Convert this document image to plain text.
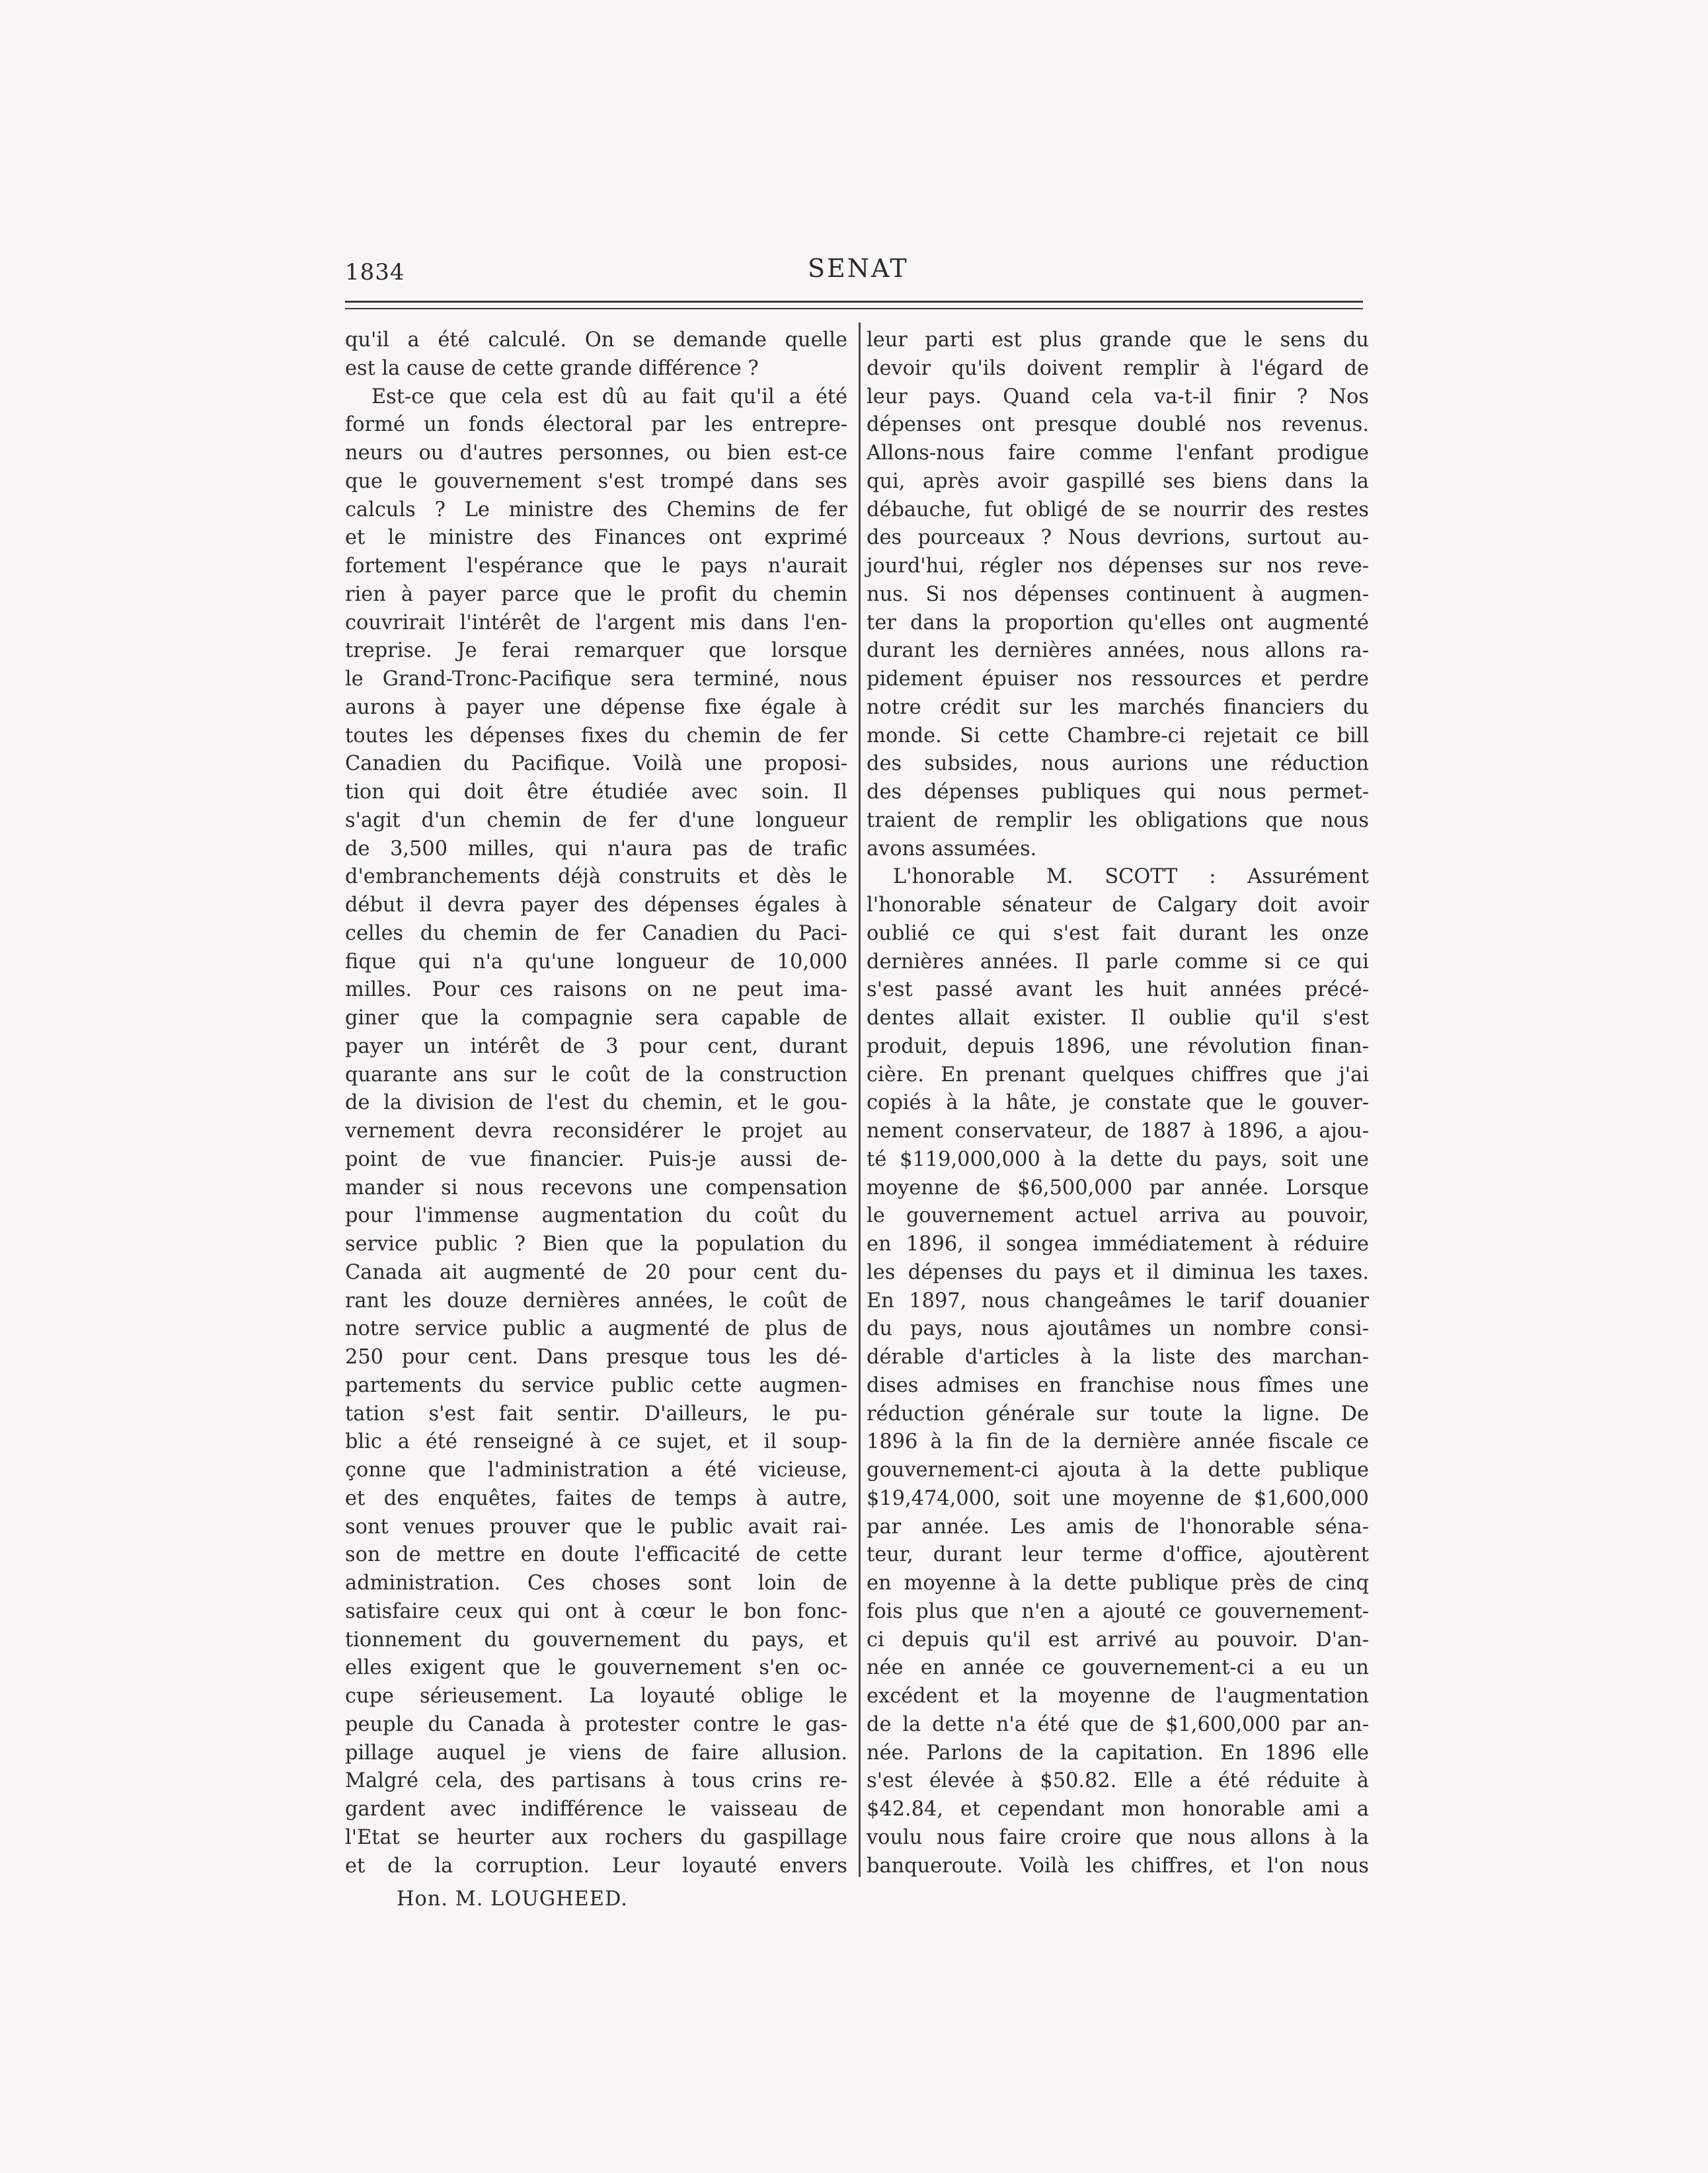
1834	SENAT
qu'il a été calculé. On se demande quelle
est la cause de cette grande différence ?
Est-ce que cela est dû au fait qu'il a été
formé un fonds électoral par les entrepre-
neurs ou d'autres personnes, ou bien est-ce
que le gouvernement s'est trompé dans ses
calculs ? Le ministre des Chemins de fer
et le ministre des Finances ont exprimé
fortement l'espérance que le pays n'aurait
rien à payer parce que le profit du chemin
couvrirait l'intérêt de l'argent mis dans l'en-
treprise. Je ferai remarquer que lorsque
le Grand-Tronc-Pacifique sera terminé, nous
aurons à payer une dépense fixe égale à
toutes les dépenses fixes du chemin de fer
Canadien du Pacifique. Voilà une proposi-
tion qui doit être étudiée avec soin. Il
s'agit d'un chemin de fer d'une longueur
de 3,500 milles, qui n'aura pas de trafic
d'embranchements déjà construits et dès le
début il devra payer des dépenses égales à
celles du chemin de fer Canadien du Paci-
fique qui n'a qu'une longueur de 10,000
milles. Pour ces raisons on ne peut ima-
giner que la compagnie sera capable de
payer un intérêt de 3 pour cent, durant
quarante ans sur le coût de la construction
de la division de l'est du chemin, et le gou-
vernement devra reconsidérer le projet au
point de vue financier. Puis-je aussi de-
mander si nous recevons une compensation
pour l'immense augmentation du coût du
service public ? Bien que la population du
Canada ait augmenté de 20 pour cent du-
rant les douze dernières années, le coût de
notre service public a augmenté de plus de
250 pour cent. Dans presque tous les dé-
partements du service public cette augmen-
tation s'est fait sentir. D'ailleurs, le pu-
blic a été renseigné à ce sujet, et il soup-
çonne que l'administration a été vicieuse,
et des enquêtes, faites de temps à autre,
sont venues prouver que le public avait rai-
son de mettre en doute l'efficacité de cette
administration. Ces choses sont loin de
satisfaire ceux qui ont à cœur le bon fonc-
tionnement du gouvernement du pays, et
elles exigent que le gouvernement s'en oc-
cupe sérieusement. La loyauté oblige le
peuple du Canada à protester contre le gas-
pillage auquel je viens de faire allusion.
Malgré cela, des partisans à tous crins re-
gardent avec indifférence le vaisseau de
l'Etat se heurter aux rochers du gaspillage
et de la corruption. Leur loyauté envers
leur parti est plus grande que le sens du
devoir qu'ils doivent remplir à l'égard de
leur pays. Quand cela va-t-il finir ? Nos
dépenses ont presque doublé nos revenus.
Allons-nous faire comme l'enfant prodigue
qui, après avoir gaspillé ses biens dans la
débauche, fut obligé de se nourrir des restes
des pourceaux ? Nous devrions, surtout au-
jourd'hui, régler nos dépenses sur nos reve-
nus. Si nos dépenses continuent à augmen-
ter dans la proportion qu'elles ont augmenté
durant les dernières années, nous allons ra-
pidement épuiser nos ressources et perdre
notre crédit sur les marchés financiers du
monde. Si cette Chambre-ci rejetait ce bill
des subsides, nous aurions une réduction
des dépenses publiques qui nous permet-
traient de remplir les obligations que nous
avons assumées.
L'honorable M. SCOTT : Assurément
l'honorable sénateur de Calgary doit avoir
oublié ce qui s'est fait durant les onze
dernières années. Il parle comme si ce qui
s'est passé avant les huit années précé-
dentes allait exister. Il oublie qu'il s'est
produit, depuis 1896, une révolution finan-
cière. En prenant quelques chiffres que j'ai
copiés à la hâte, je constate que le gouver-
nement conservateur, de 1887 à 1896, a ajou-
té $119,000,000 à la dette du pays, soit une
moyenne de $6,500,000 par année. Lorsque
le gouvernement actuel arriva au pouvoir,
en 1896, il songea immédiatement à réduire
les dépenses du pays et il diminua les taxes.
En 1897, nous changeâmes le tarif douanier
du pays, nous ajoutâmes un nombre consi-
dérable d'articles à la liste des marchan-
dises admises en franchise nous fîmes une
réduction générale sur toute la ligne. De
1896 à la fin de la dernière année fiscale ce
gouvernement-ci ajouta à la dette publique
$19,474,000, soit une moyenne de $1,600,000
par année. Les amis de l'honorable séna-
teur, durant leur terme d'office, ajoutèrent
en moyenne à la dette publique près de cinq
fois plus que n'en a ajouté ce gouvernement-
ci depuis qu'il est arrivé au pouvoir. D'an-
née en année ce gouvernement-ci a eu un
excédent et la moyenne de l'augmentation
de la dette n'a été que de $1,600,000 par an-
née. Parlons de la capitation. En 1896 elle
s'est élevée à $50.82. Elle a été réduite à
$42.84, et cependant mon honorable ami a
voulu nous faire croire que nous allons à la
banqueroute. Voilà les chiffres, et l'on nous
Hon. M. LOUGHEED.
